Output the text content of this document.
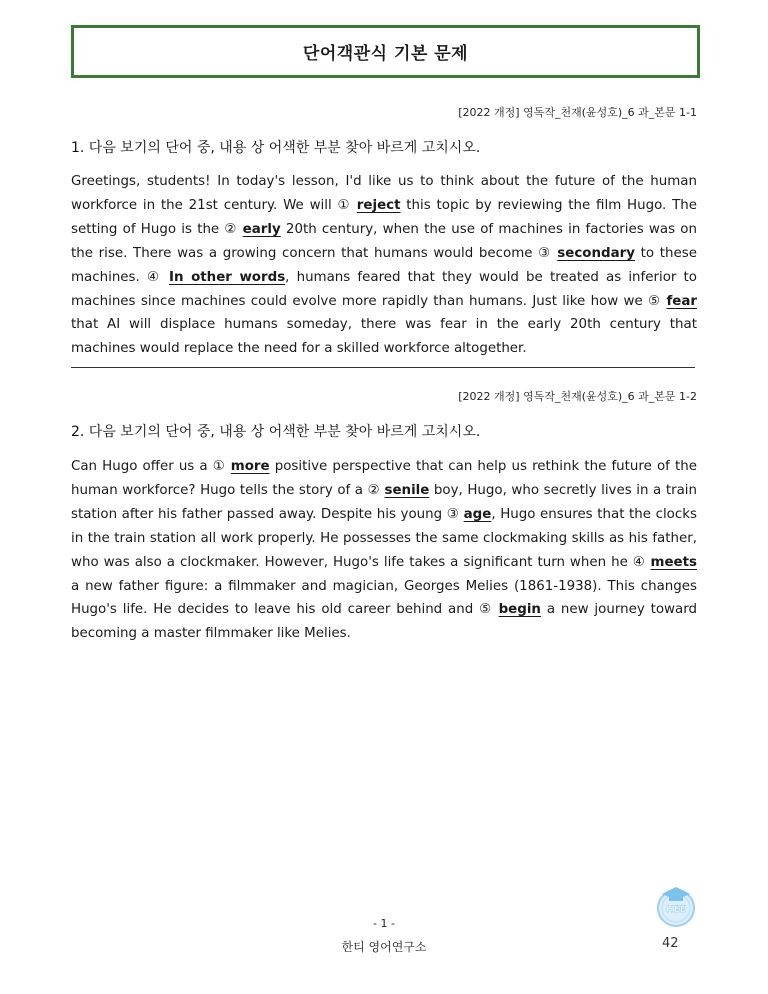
단어객관식 기본 문제
[2022 개정] 영독작_천재(윤성호)_6 과_본문 1-1
1. 다음 보기의 단어 중, 내용 상 어색한 부분 찾아 바르게 고치시오.
Greetings, students! In today's lesson, I'd like us to think about the future of the human workforce in the 21st century. We will ① reject this topic by reviewing the film Hugo. The setting of Hugo is the ② early 20th century, when the use of machines in factories was on the rise. There was a growing concern that humans would become ③ secondary to these machines. ④ In other words, humans feared that they would be treated as inferior to machines since machines could evolve more rapidly than humans. Just like how we ⑤ fear that AI will displace humans someday, there was fear in the early 20th century that machines would replace the need for a skilled workforce altogether.
[2022 개정] 영독작_천재(윤성호)_6 과_본문 1-2
2. 다음 보기의 단어 중, 내용 상 어색한 부분 찾아 바르게 고치시오.
Can Hugo offer us a ① more positive perspective that can help us rethink the future of the human workforce? Hugo tells the story of a ② senile boy, Hugo, who secretly lives in a train station after his father passed away. Despite his young ③ age, Hugo ensures that the clocks in the train station all work properly. He possesses the same clockmaking skills as his father, who was also a clockmaker. However, Hugo's life takes a significant turn when he ④ meets a new father figure: a filmmaker and magician, Georges Melies (1861-1938). This changes Hugo's life. He decides to leave his old career behind and ⑤ begin a new journey toward becoming a master filmmaker like Melies.
- 1 -
한티 영어연구소
HEE
42
